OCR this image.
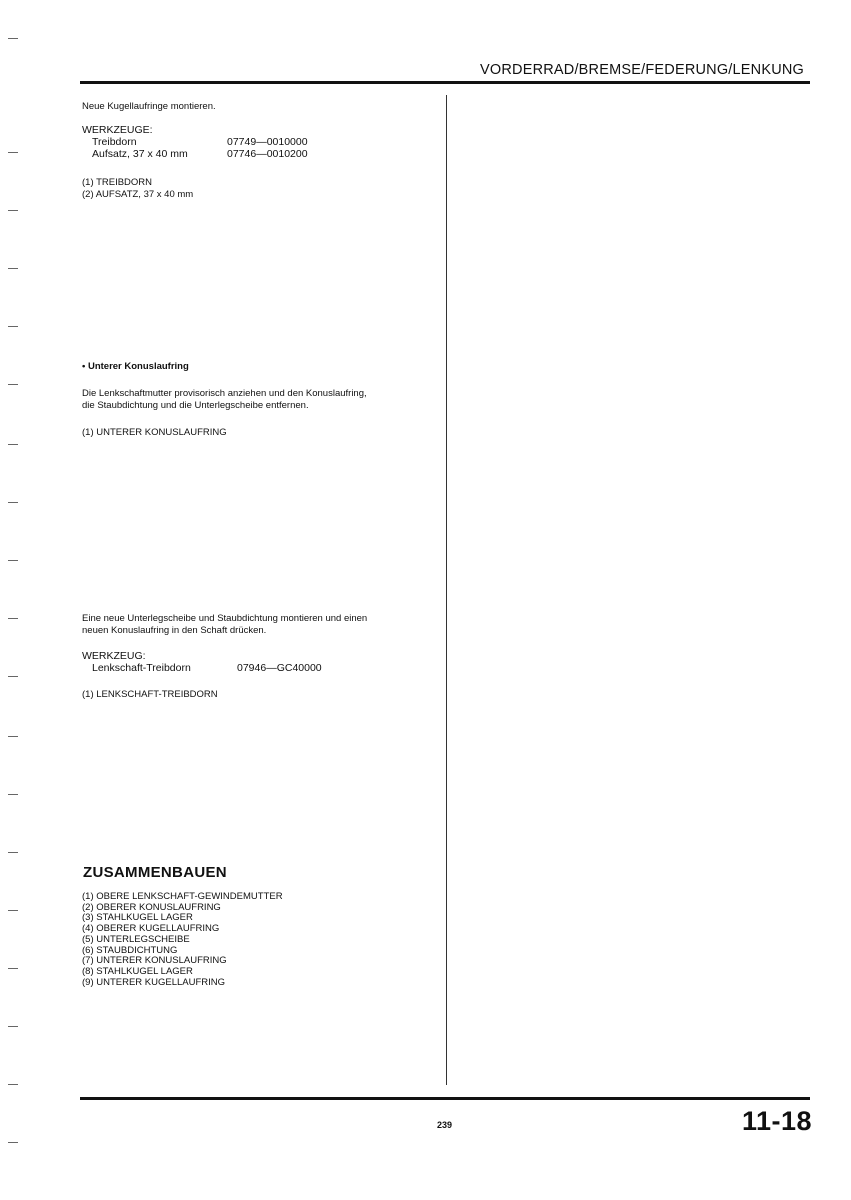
VORDERRAD/BREMSE/FEDERUNG/LENKUNG
Neue Kugellaufringe montieren.
WERKZEUGE:
Treibdorn	07749—0010000
Aufsatz, 37 x 40 mm	07746—0010200
(1) TREIBDORN
(2) AUFSATZ, 37 x 40 mm
• Unterer Konuslaufring
Die Lenkschaftmutter provisorisch anziehen und den Konuslaufring,
die Staubdichtung und die Unterlegscheibe entfernen.
(1) UNTERER KONUSLAUFRING
Eine neue Unterlegscheibe und Staubdichtung montieren und einen
neuen Konuslaufring in den Schaft drücken.
WERKZEUG:
Lenkschaft-Treibdorn	07946—GC40000
(1) LENKSCHAFT-TREIBDORN
ZUSAMMENBAUEN
(1) OBERE LENKSCHAFT-GEWINDEMUTTER
(2) OBERER KONUSLAUFRING
(3) STAHLKUGEL LAGER
(4) OBERER KUGELLAUFRING
(5) UNTERLEGSCHEIBE
(6) STAUBDICHTUNG
(7) UNTERER KONUSLAUFRING
(8) STAHLKUGEL LAGER
(9) UNTERER KUGELLAUFRING
239	11-18
